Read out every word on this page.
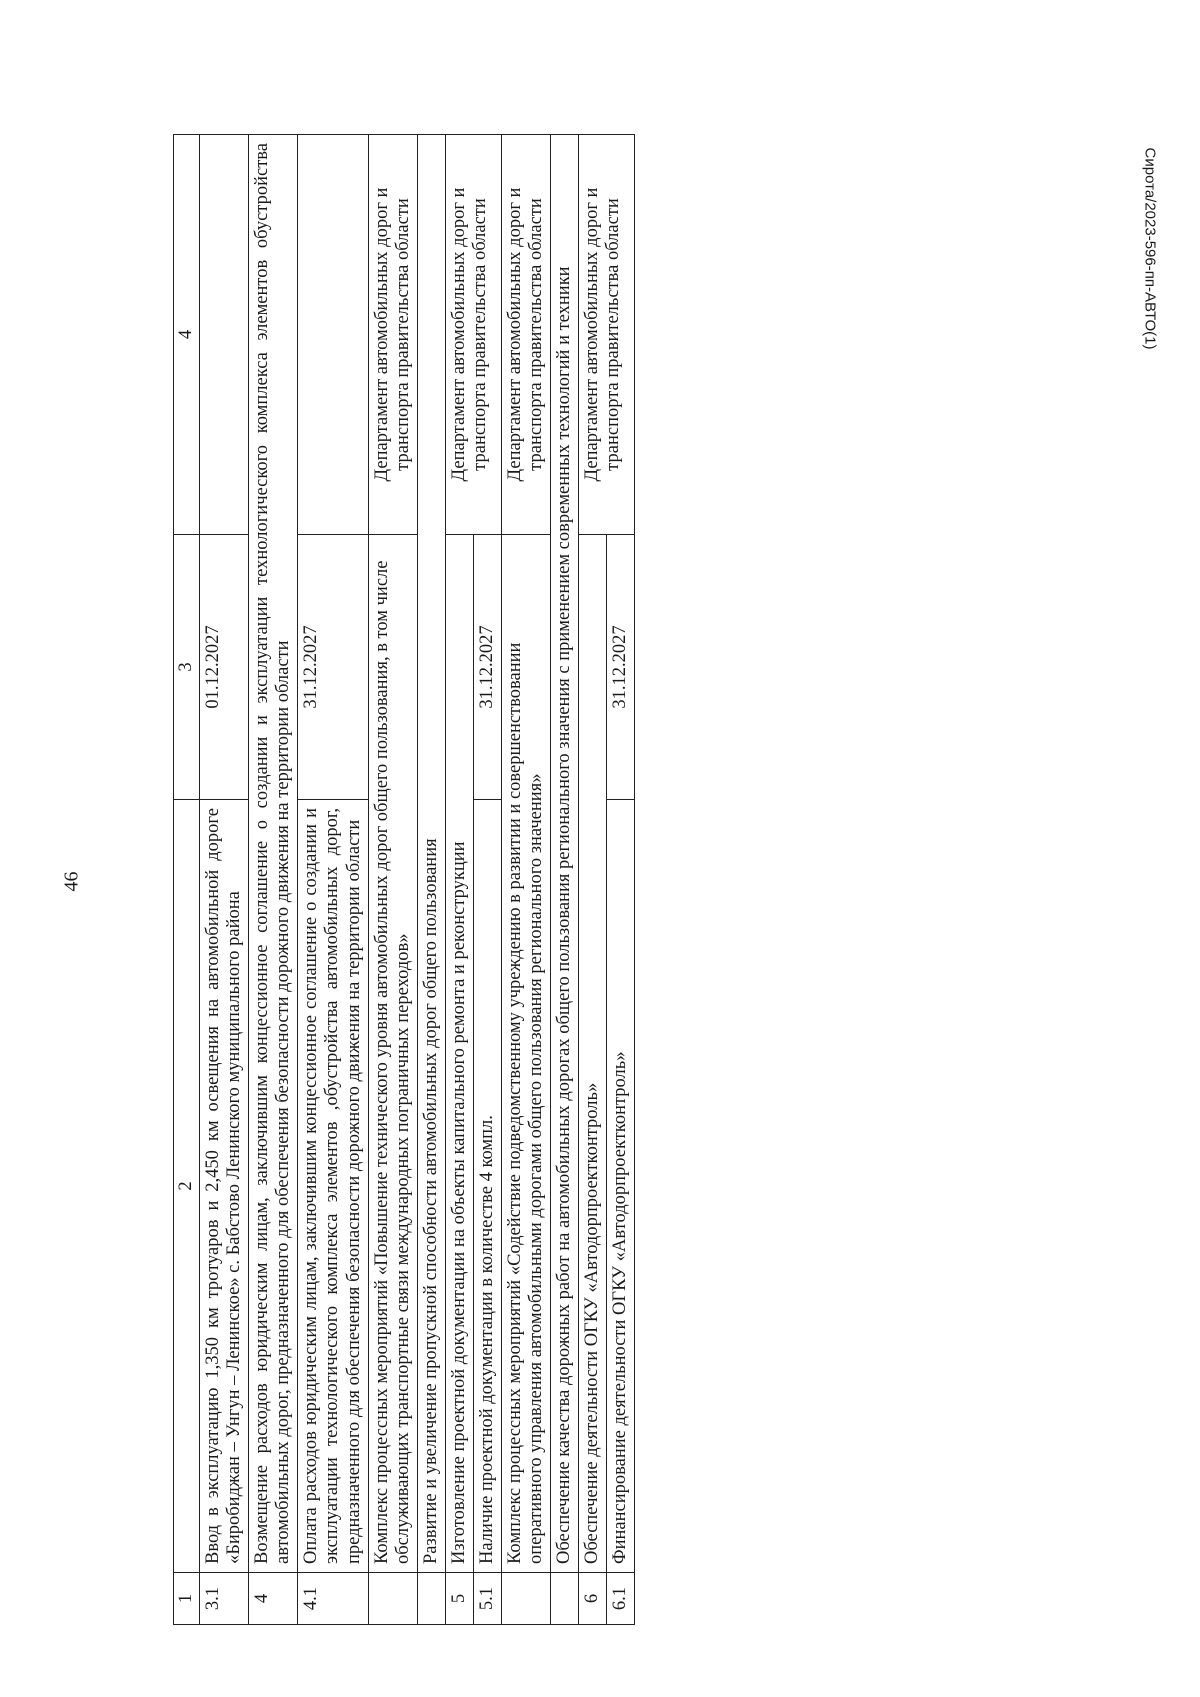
46
Сирота/2023-596-пп-АВТО(1)
1	2	3	4
3.1	Ввод в эксплуатацию 1,350 км тротуаров и 2,450 км освещения на автомобильной дороге «Биробиджан – Унгун – Ленинское» с. Бабстово Ленинского муниципального района	01.12.2027	
4	Возмещение расходов юридическим лицам, заключившим концессионное соглашение о создании и эксплуатации технологического комплекса элементов обустройства автомобильных дорог, предназначенного для обеспечения безопасности дорожного движения на территории области		
4.1	Оплата расходов юридическим лицам, заключившим концессионное соглашение о создании и эксплуатации технологического комплекса элементов ,обустройства автомобильных дорог, предназначенного для обеспечения безопасности дорожного движения на территории области	31.12.2027	
	Комплекс процессных мероприятий «Повышение технического уровня автомобильных дорог общего пользования, в том числе обслуживающих транспортные связи международных пограничных переходов»		Департамент автомобильных дорог и транспорта правительства области
	Развитие и увеличение пропускной способности автомобильных дорог общего пользования		
5	Изготовление проектной документации на объекты капитального ремонта и реконструкции		Департамент автомобильных дорог и транспорта правительства области
5.1	Наличие проектной документации в количестве 4 компл.	31.12.2027	
	Комплекс процессных мероприятий «Содействие подведомственному учреждению в развитии и совершенствовании оперативного управления автомобильными дорогами общего пользования регионального значения»		Департамент автомобильных дорог и транспорта правительства области
	Обеспечение качества дорожных работ на автомобильных дорогах общего пользования регионального значения с применением современных технологий и техники		
6	Обеспечение деятельности ОГКУ «Автодорпроектконтроль»		Департамент автомобильных дорог и транспорта правительства области
6.1	Финансирование деятельности ОГКУ «Автодорпроектконтроль»	31.12.2027	
